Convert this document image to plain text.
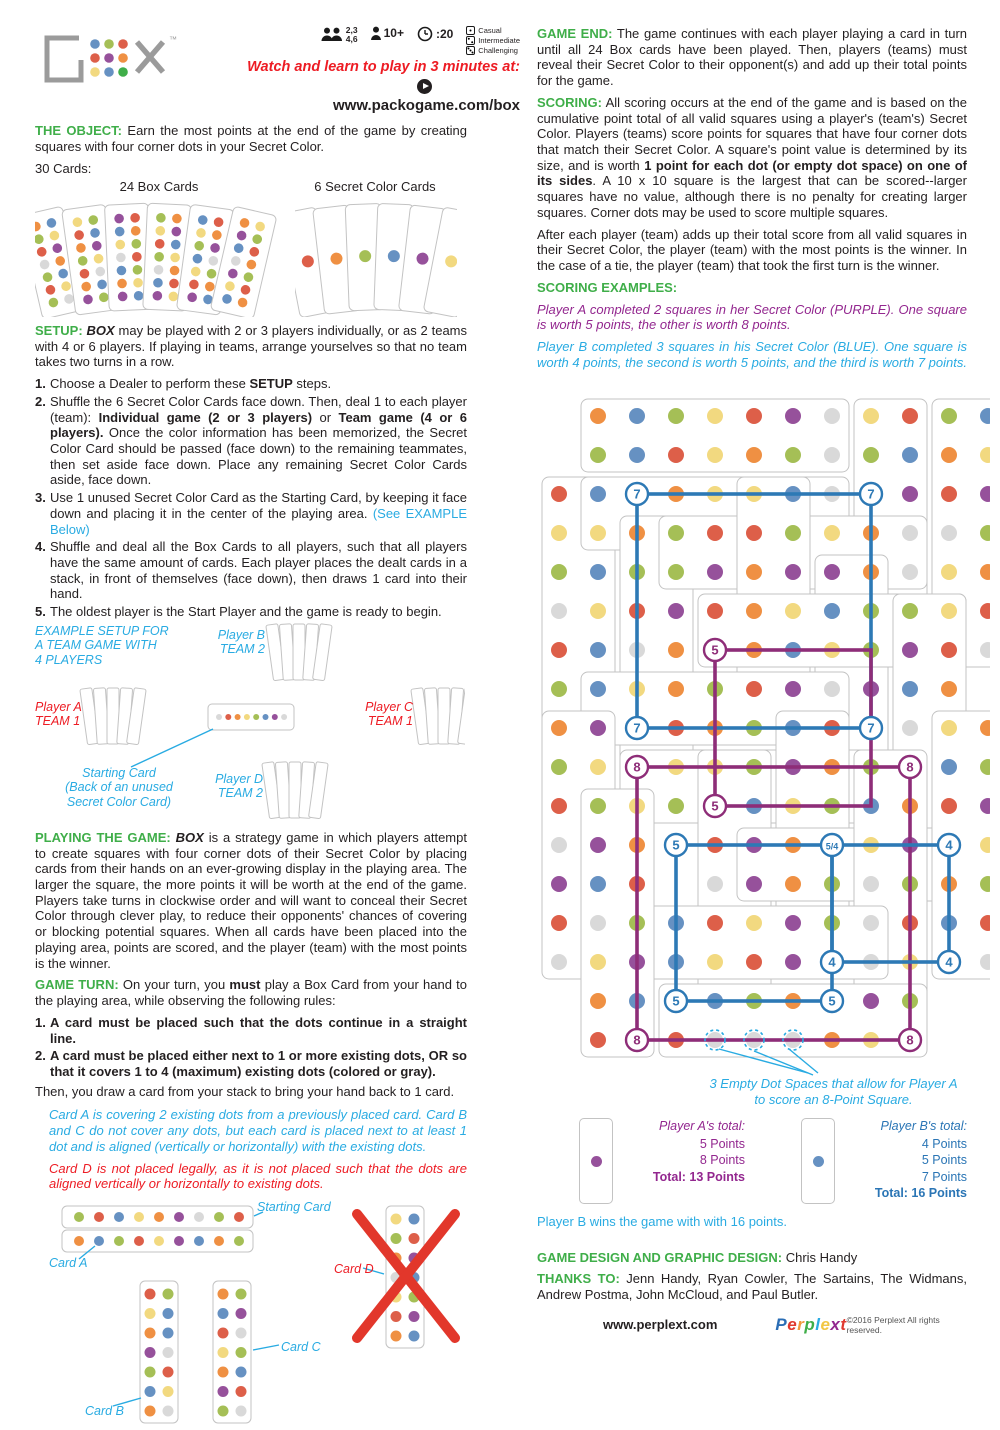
™
2,3
4,6 10+	:20	Casual
Intermediate
Challenging
Watch and learn to play in 3 minutes at:
www.packogame.com/box

THE OBJECT: Earn the most points at the end of the game by creating squares with four corner dots in your Secret Color.

30 Cards:
24 Box Cards	6 Secret Color Cards

SETUP: BOX may be played with 2 or 3 players individually, or as 2 teams with 4 or 6 players. If playing in teams, arrange yourselves so that no team takes two turns in a row.

1. Choose a Dealer to perform these SETUP steps.
2. Shuffle the 6 Secret Color Cards face down. Then, deal 1 to each player (team): Individual game (2 or 3 players) or Team game (4 or 6 players). Once the color information has been memorized, the Secret Color Card should be passed (face down) to the remaining teammates, then set aside face down. Place any remaining Secret Color Cards aside, face down.
3. Use 1 unused Secret Color Card as the Starting Card, by keeping it face down and placing it in the center of the playing area. (See EXAMPLE Below)
4. Shuffle and deal all the Box Cards to all players, such that all players have the same amount of cards. Each player places the dealt cards in a stack, in front of themselves (face down), then draws 1 card into their hand.
5. The oldest player is the Start Player and the game is ready to begin.
EXAMPLE SETUP FOR
A TEAM GAME WITH
4 PLAYERS
Player B
TEAM 2
Player A
TEAM 1
Player C
TEAM 1
Player D
TEAM 2
Starting Card
(Back of an unused
Secret Color Card)

PLAYING THE GAME: BOX is a strategy game in which players attempt to create squares with four corner dots of their Secret Color by placing cards from their hands on an ever-growing display in the playing area. The larger the square, the more points it will be worth at the end of the game. Players take turns in clockwise order and will want to conceal their Secret Color through clever play, to reduce their opponents' chances of covering or blocking potential squares. When all cards have been placed into the playing area, points are scored, and the player (team) with the most points is the winner.

GAME TURN: On your turn, you must play a Box Card from your hand to the playing area, while observing the following rules:

1. A card must be placed such that the dots continue in a straight line.
2. A card must be placed either next to 1 or more existing dots, OR so that it covers 1 to 4 (maximum) existing dots (colored or gray).

Then, you draw a card from your stack to bring your hand back to 1 card.

Card A is covering 2 existing dots from a previously placed card. Card B and C do not cover any dots, but each card is placed next to at least 1 dot and is aligned (vertically or horizontally) with the existing dots.

Card D is not placed legally, as it is not placed such that the dots are aligned vertically or horizontally to existing dots.

Starting Card
Card A
Card B
Card C
Card D

GAME END: The game continues with each player playing a card in turn until all 24 Box cards have been played. Then, players (teams) must reveal their Secret Color to their opponent(s) and add up their total points for the game.

SCORING: All scoring occurs at the end of the game and is based on the cumulative point total of all valid squares using a player's (team's) Secret Color. Players (teams) score points for squares that have four corner dots that match their Secret Color. A square's point value is determined by its size, and is worth 1 point for each dot (or empty dot space) on one of its sides. A 10 x 10 square is the largest that can be scored--larger squares have no value, although there is no penalty for creating larger squares. Corner dots may be used to score multiple squares.

After each player (team) adds up their total score from all valid squares in their Secret Color, the player (team) with the most points is the winner. In the case of a tie, the player (team) that took the first turn is the winner.

SCORING EXAMPLES:

Player A completed 2 squares in her Secret Color (PURPLE). One square is worth 5 points, the other is worth 8 points.

Player B completed 3 squares in his Secret Color (BLUE). One square is worth 4 points, the second is worth 5 points, and the third is worth 7 points.

7	7
5
7	7
8	8
5
5	5/4	4
4	4
5	5
8	8

3 Empty Dot Spaces that allow for Player A to score an 8-Point Square.

Player A's total:
5 Points
8 Points
Total: 13 Points
Player B's total:
4 Points
5 Points
7 Points
Total: 16 Points

Player B wins the game with with 16 points.

GAME DESIGN AND GRAPHIC DESIGN: Chris Handy

THANKS TO: Jenn Handy, Ryan Cowler, The Sartains, The Widmans, Andrew Postma, John McCloud, and Paul Butler.

www.perplext.com	Perplext ©2016 Perplext All rights reserved.
